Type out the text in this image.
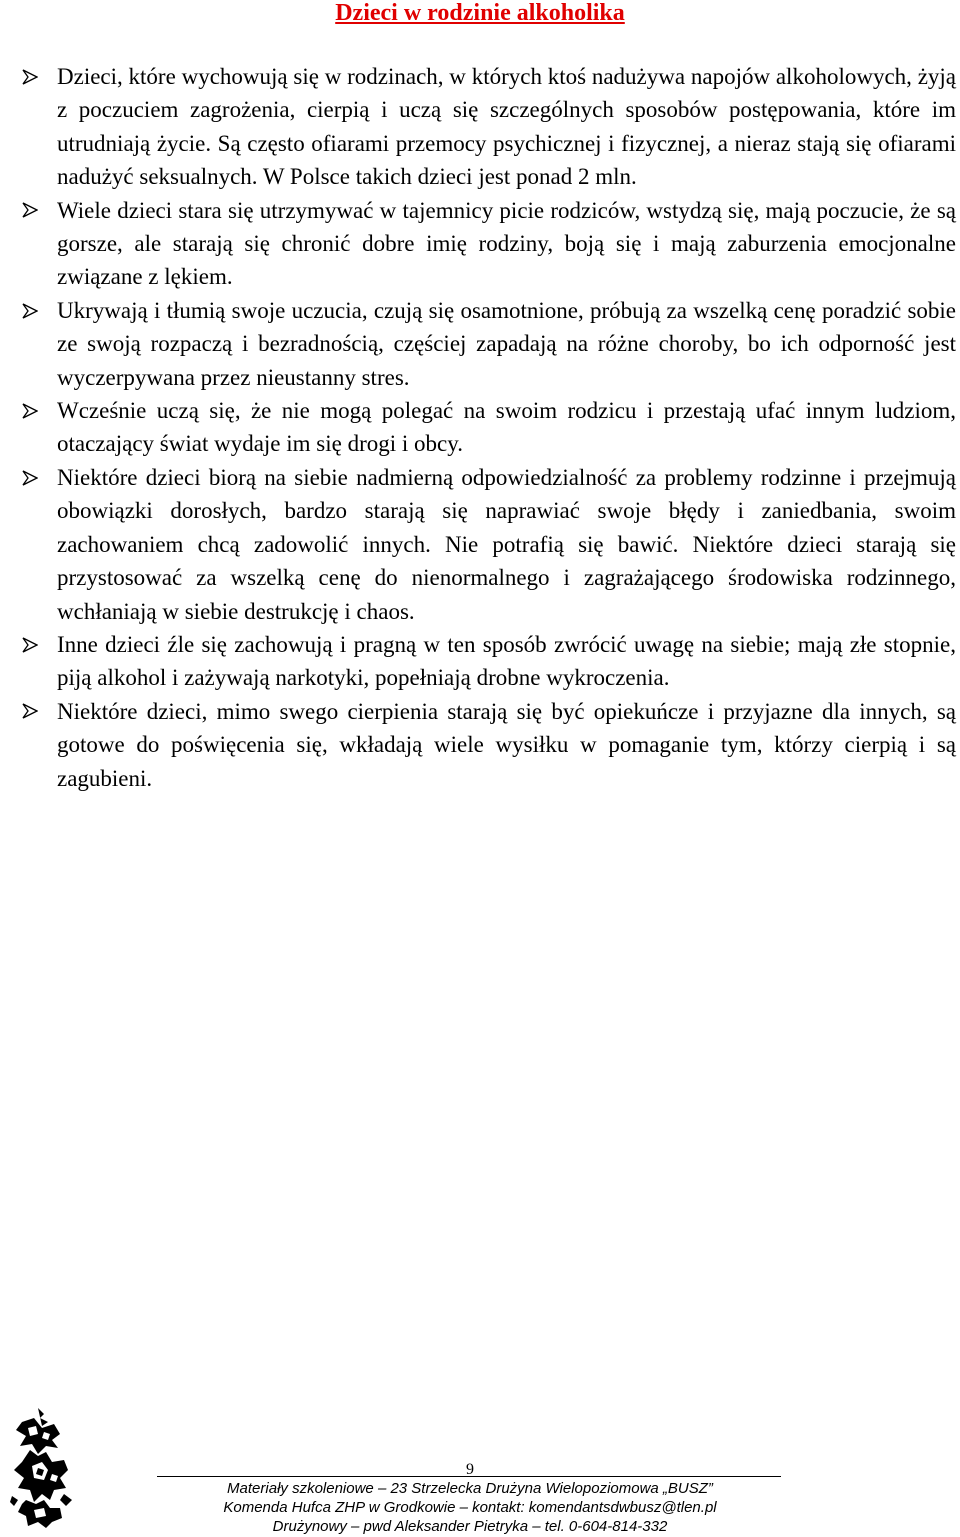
Dzieci w rodzinie alkoholika

Dzieci, które wychowują się w rodzinach, w których ktoś nadużywa napojów alkoholowych, żyją z poczuciem zagrożenia, cierpią i uczą się szczególnych sposobów postępowania, które im utrudniają życie. Są często ofiarami przemocy psychicznej i fizycznej, a nieraz stają się ofiarami nadużyć seksualnych. W Polsce takich dzieci jest ponad 2 mln.

Wiele dzieci stara się utrzymywać w tajemnicy picie rodziców, wstydzą się, mają poczucie, że są gorsze, ale starają się chronić dobre imię rodziny, boją się i mają zaburzenia emocjonalne związane z lękiem.

Ukrywają i tłumią swoje uczucia, czują się osamotnione, próbują za wszelką cenę poradzić sobie ze swoją rozpaczą i bezradnością, częściej zapadają na różne choroby, bo ich odporność jest wyczerpywana przez nieustanny stres.

Wcześnie uczą się, że nie mogą polegać na swoim rodzicu i przestają ufać innym ludziom, otaczający świat wydaje im się drogi i obcy.

Niektóre dzieci biorą na siebie nadmierną odpowiedzialność za problemy rodzinne i przejmują obowiązki dorosłych, bardzo starają się naprawiać swoje błędy i zaniedbania, swoim zachowaniem chcą zadowolić innych. Nie potrafią się bawić. Niektóre dzieci starają się przystosować za wszelką cenę do nienormalnego i zagrażającego środowiska rodzinnego, wchłaniają w siebie destrukcję i chaos.

Inne dzieci źle się zachowują i pragną w ten sposób zwrócić uwagę na siebie; mają złe stopnie, piją alkohol i zażywają narkotyki, popełniają drobne wykroczenia.

Niektóre dzieci, mimo swego cierpienia starają się być opiekuńcze i przyjazne dla innych, są gotowe do poświęcenia się, wkładają wiele wysiłku w pomaganie tym, którzy cierpią i są zagubieni.

9
Materiały szkoleniowe – 23 Strzelecka Drużyna Wielopoziomowa „BUSZ”
Komenda Hufca ZHP w Grodkowie – kontakt: komendantsdwbusz@tlen.pl
Drużynowy – pwd Aleksander Pietryka – tel. 0-604-814-332
